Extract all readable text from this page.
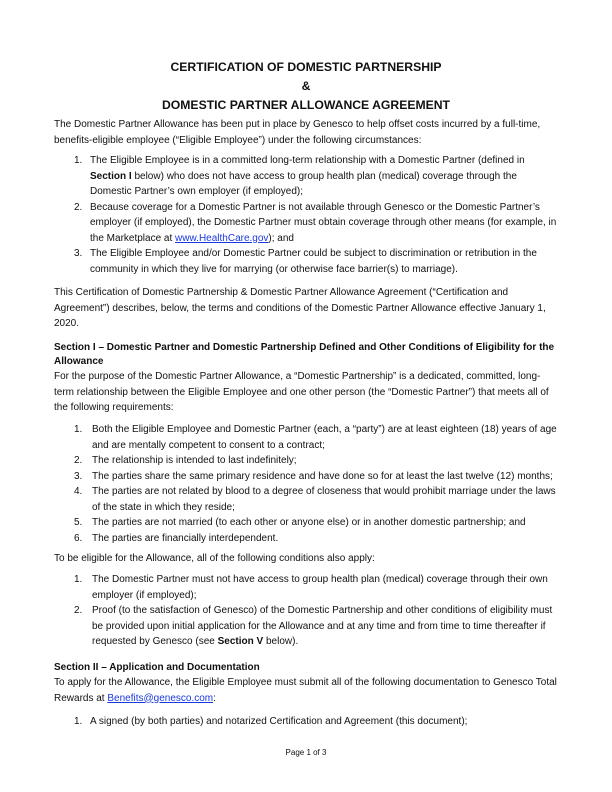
CERTIFICATION OF DOMESTIC PARTNERSHIP
&
DOMESTIC PARTNER ALLOWANCE AGREEMENT

The Domestic Partner Allowance has been put in place by Genesco to help offset costs incurred by a full-time, benefits-eligible employee (“Eligible Employee”) under the following circumstances:

1. The Eligible Employee is in a committed long-term relationship with a Domestic Partner (defined in Section I below) who does not have access to group health plan (medical) coverage through the Domestic Partner’s own employer (if employed);
2. Because coverage for a Domestic Partner is not available through Genesco or the Domestic Partner’s employer (if employed), the Domestic Partner must obtain coverage through other means (for example, in the Marketplace at www.HealthCare.gov); and
3. The Eligible Employee and/or Domestic Partner could be subject to discrimination or retribution in the community in which they live for marrying (or otherwise face barrier(s) to marriage).

This Certification of Domestic Partnership & Domestic Partner Allowance Agreement (“Certification and Agreement”) describes, below, the terms and conditions of the Domestic Partner Allowance effective January 1, 2020.

Section I – Domestic Partner and Domestic Partnership Defined and Other Conditions of Eligibility for the Allowance

For the purpose of the Domestic Partner Allowance, a “Domestic Partnership” is a dedicated, committed, long-term relationship between the Eligible Employee and one other person (the “Domestic Partner”) that meets all of the following requirements:

1. Both the Eligible Employee and Domestic Partner (each, a “party”) are at least eighteen (18) years of age and are mentally competent to consent to a contract;
2. The relationship is intended to last indefinitely;
3. The parties share the same primary residence and have done so for at least the last twelve (12) months;
4. The parties are not related by blood to a degree of closeness that would prohibit marriage under the laws of the state in which they reside;
5. The parties are not married (to each other or anyone else) or in another domestic partnership; and
6. The parties are financially interdependent.

To be eligible for the Allowance, all of the following conditions also apply:

1. The Domestic Partner must not have access to group health plan (medical) coverage through their own employer (if employed);
2. Proof (to the satisfaction of Genesco) of the Domestic Partnership and other conditions of eligibility must be provided upon initial application for the Allowance and at any time and from time to time thereafter if requested by Genesco (see Section V below).
Section II – Application and Documentation

To apply for the Allowance, the Eligible Employee must submit all of the following documentation to Genesco Total Rewards at Benefits@genesco.com:

1. A signed (by both parties) and notarized Certification and Agreement (this document);
Page 1 of 3
